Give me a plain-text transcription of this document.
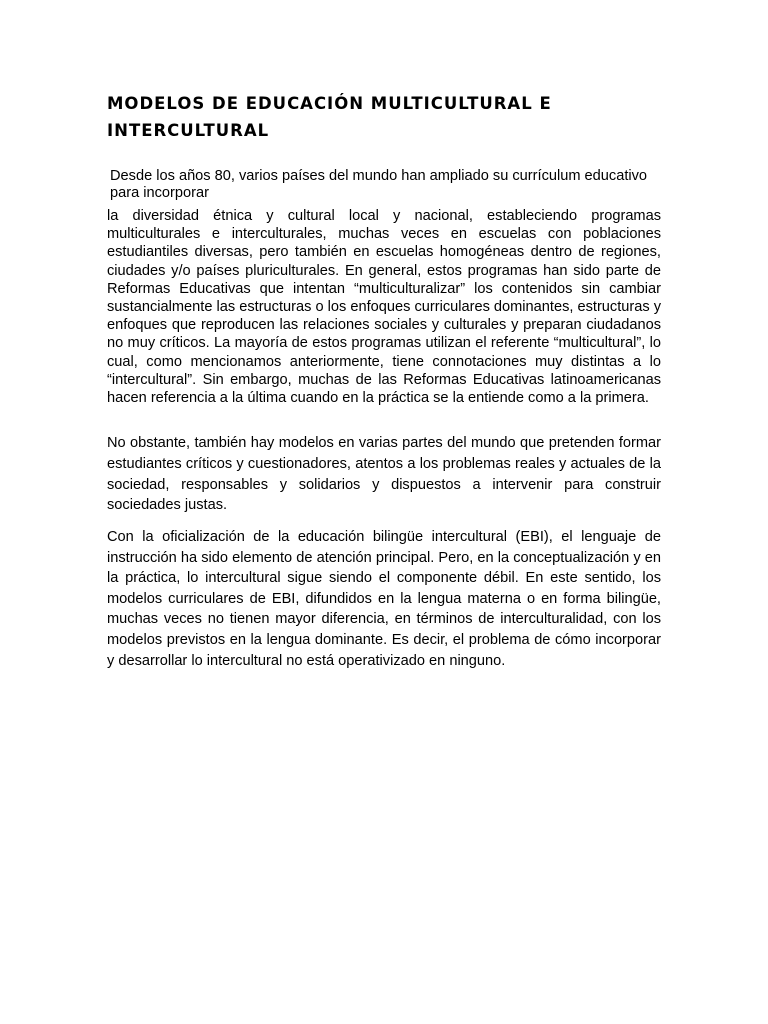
MODELOS DE EDUCACIÓN MULTICULTURAL E INTERCULTURAL
Desde los años 80, varios países del mundo han ampliado su currículum educativo
para incorporar

la diversidad étnica y cultural local y nacional, estableciendo programas multiculturales e interculturales, muchas veces en escuelas con poblaciones estudiantiles diversas, pero también en escuelas homogéneas dentro de regiones, ciudades y/o países pluriculturales. En general, estos programas han sido parte de Reformas Educativas que intentan “multiculturalizar” los contenidos sin cambiar sustancialmente las estructuras o los enfoques curriculares dominantes, estructuras y enfoques que reproducen las relaciones sociales y culturales y preparan ciudadanos no muy críticos. La mayoría de estos programas utilizan el referente “multicultural”, lo cual, como mencionamos anteriormente, tiene connotaciones muy distintas a lo “intercultural”. Sin embargo, muchas de las Reformas Educativas latinoamericanas hacen referencia a la última cuando en la práctica se la entiende como a la primera.

No obstante, también hay modelos en varias partes del mundo que pretenden formar estudiantes críticos y cuestionadores, atentos a los problemas reales y actuales de la sociedad, responsables y solidarios y dispuestos a intervenir para construir sociedades justas.

Con la oficialización de la educación bilingüe intercultural (EBI), el lenguaje de instrucción ha sido elemento de atención principal. Pero, en la conceptualización y en la práctica, lo intercultural sigue siendo el componente débil. En este sentido, los modelos curriculares de EBI, difundidos en la lengua materna o en forma bilingüe, muchas veces no tienen mayor diferencia, en términos de interculturalidad, con los modelos previstos en la lengua dominante. Es decir, el problema de cómo incorporar y desarrollar lo intercultural no está operativizado en ninguno.
